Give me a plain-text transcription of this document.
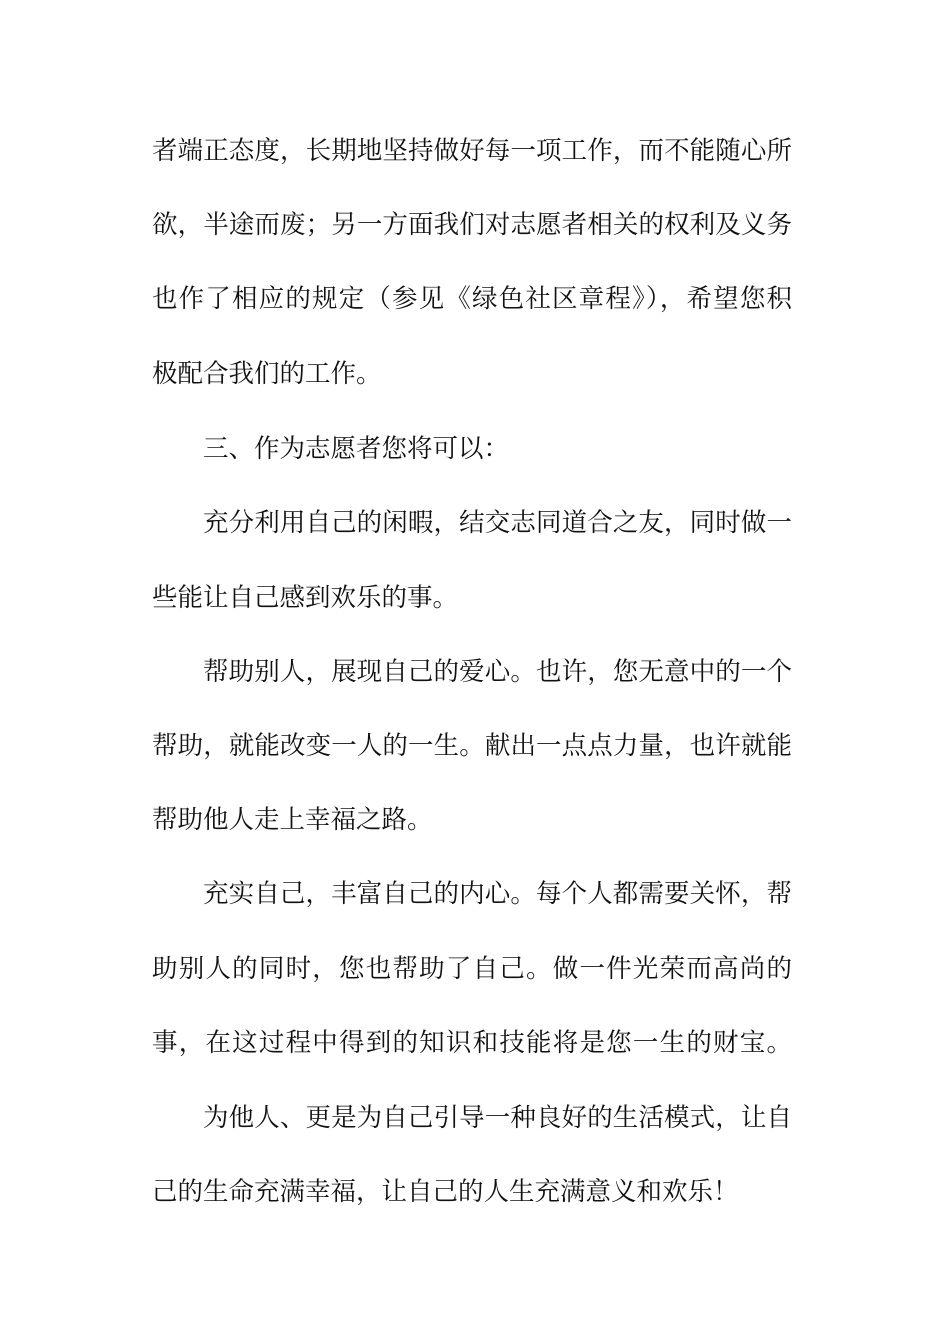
者端正态度，长期地坚持做好每一项工作，而不能随心所
欲，半途而废；另一方面我们对志愿者相关的权利及义务
也作了相应的规定（参见《绿色社区章程》），希望您积
极配合我们的工作。
三、作为志愿者您将可以：
充分利用自己的闲暇，结交志同道合之友，同时做一
些能让自己感到欢乐的事。
帮助别人，展现自己的爱心。也许，您无意中的一个
帮助，就能改变一人的一生。献出一点点力量，也许就能
帮助他人走上幸福之路。
充实自己，丰富自己的内心。每个人都需要关怀，帮
助别人的同时，您也帮助了自己。做一件光荣而高尚的
事，在这过程中得到的知识和技能将是您一生的财宝。
为他人、更是为自己引导一种良好的生活模式，让自
己的生命充满幸福，让自己的人生充满意义和欢乐！
